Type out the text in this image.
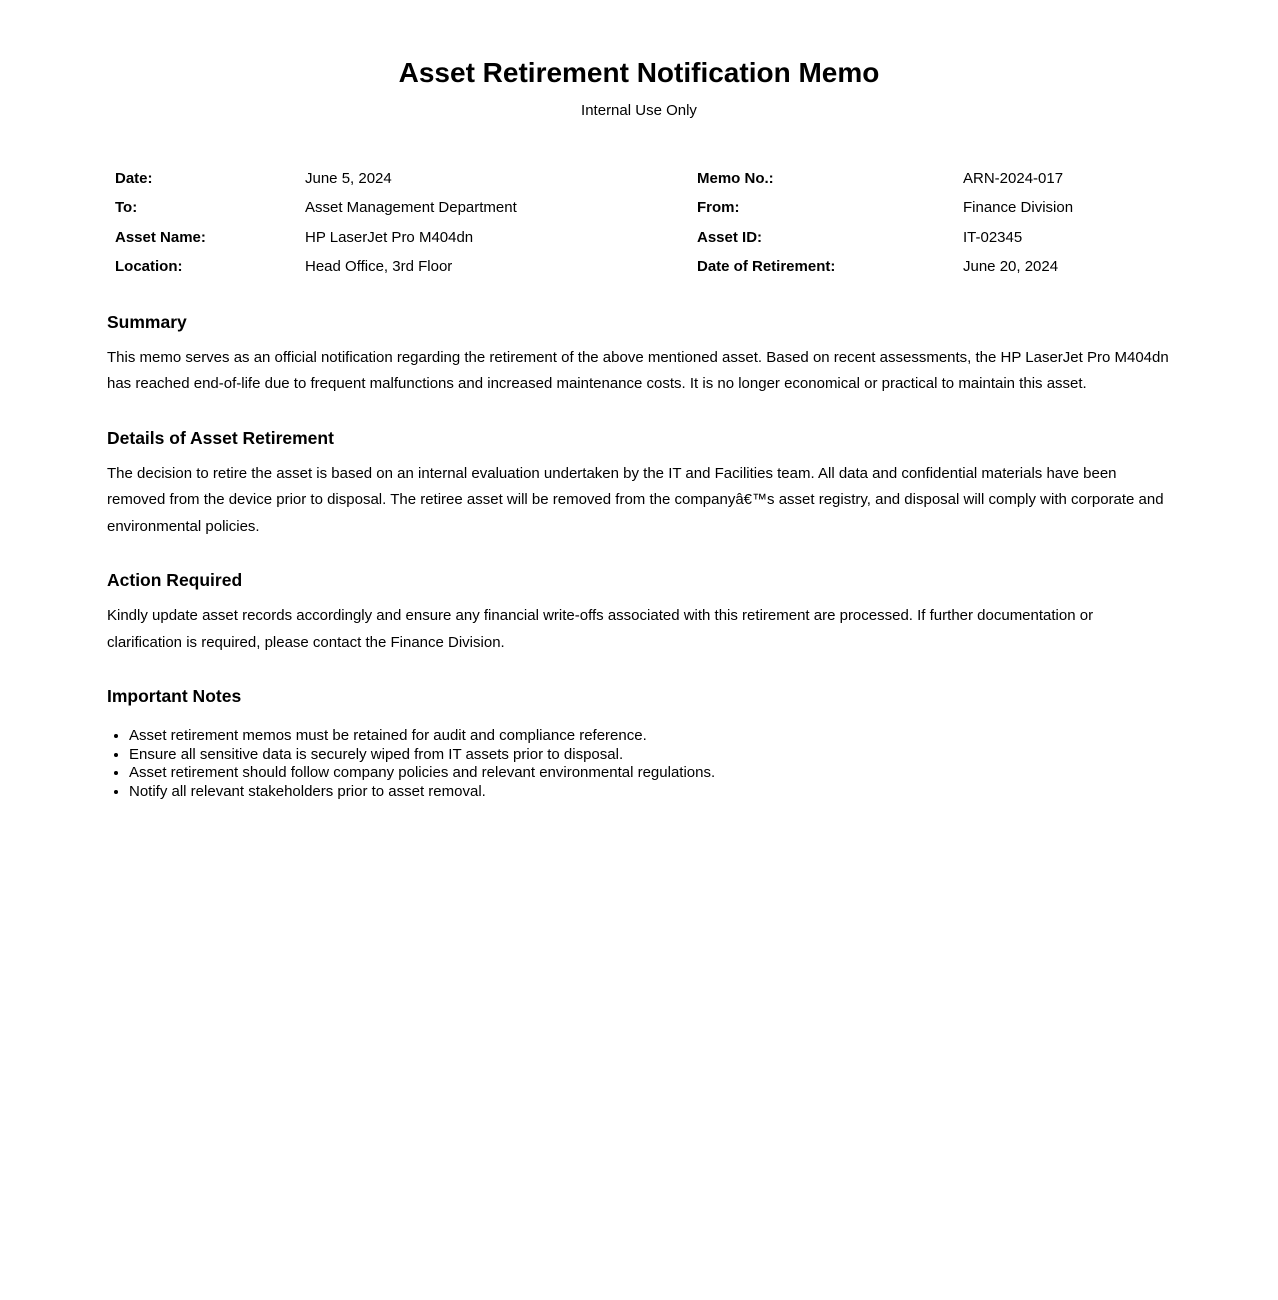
Asset Retirement Notification Memo
Internal Use Only
Date:	June 5, 2024	Memo No.:	ARN-2024-017
To:	Asset Management Department	From:	Finance Division
Asset Name:	HP LaserJet Pro M404dn	Asset ID:	IT-02345
Location:	Head Office, 3rd Floor	Date of Retirement:	June 20, 2024
Summary

This memo serves as an official notification regarding the retirement of the above mentioned asset. Based on recent assessments, the HP LaserJet Pro M404dn has reached end-of-life due to frequent malfunctions and increased maintenance costs. It is no longer economical or practical to maintain this asset.

Details of Asset Retirement

The decision to retire the asset is based on an internal evaluation undertaken by the IT and Facilities team. All data and confidential materials have been removed from the device prior to disposal. The retiree asset will be removed from the companyâ€™s asset registry, and disposal will comply with corporate and environmental policies.

Action Required

Kindly update asset records accordingly and ensure any financial write-offs associated with this retirement are processed. If further documentation or clarification is required, please contact the Finance Division.

Important Notes
• Asset retirement memos must be retained for audit and compliance reference.
• Ensure all sensitive data is securely wiped from IT assets prior to disposal.
• Asset retirement should follow company policies and relevant environmental regulations.
• Notify all relevant stakeholders prior to asset removal.
